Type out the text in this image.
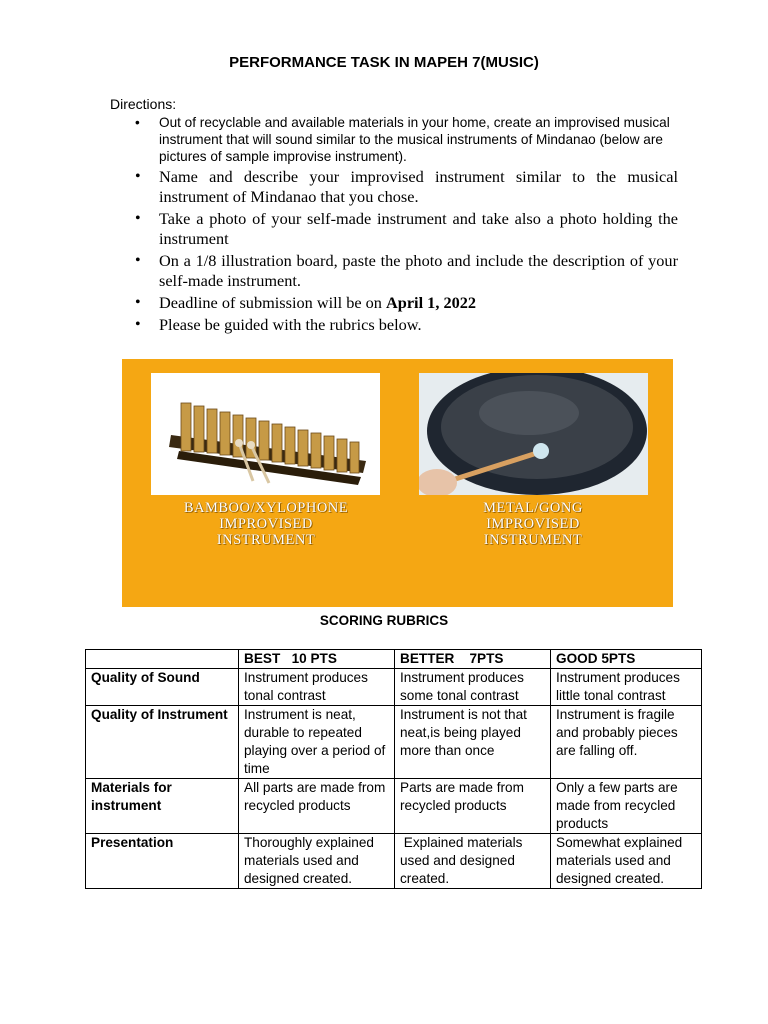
PERFORMANCE TASK IN MAPEH 7(MUSIC)
Directions:
• Out of recyclable and available materials in your home, create an improvised musical instrument that will sound similar to the musical instruments of Mindanao (below are pictures of sample improvise instrument).
• Name and describe your improvised instrument similar to the musical instrument of Mindanao that you chose.
• Take a photo of your self-made instrument and take also a photo holding the instrument
• On a 1/8 illustration board, paste the photo and include the description of your self-made instrument.
• Deadline of submission will be on April 1, 2022
• Please be guided with the rubrics below.
BAMBOO/XYLOPHONE
IMPROVISED
INSTRUMENT
METAL/GONG
IMPROVISED
INSTRUMENT
SCORING RUBRICS
	BEST   10 PTS	BETTER    7PTS	GOOD 5PTS
Quality of Sound	Instrument produces tonal contrast	Instrument produces some tonal contrast	Instrument produces little tonal contrast
Quality of Instrument	Instrument is neat, durable to repeated playing over a period of time	Instrument is not that neat,is being played more than once	Instrument is fragile and probably pieces are falling off.
Materials for instrument	All parts are made from recycled products	Parts are made from recycled products	Only a few parts are made from recycled products
Presentation	Thoroughly explained materials used and designed created.	Explained materials used and designed created.	Somewhat explained materials used and designed created.
